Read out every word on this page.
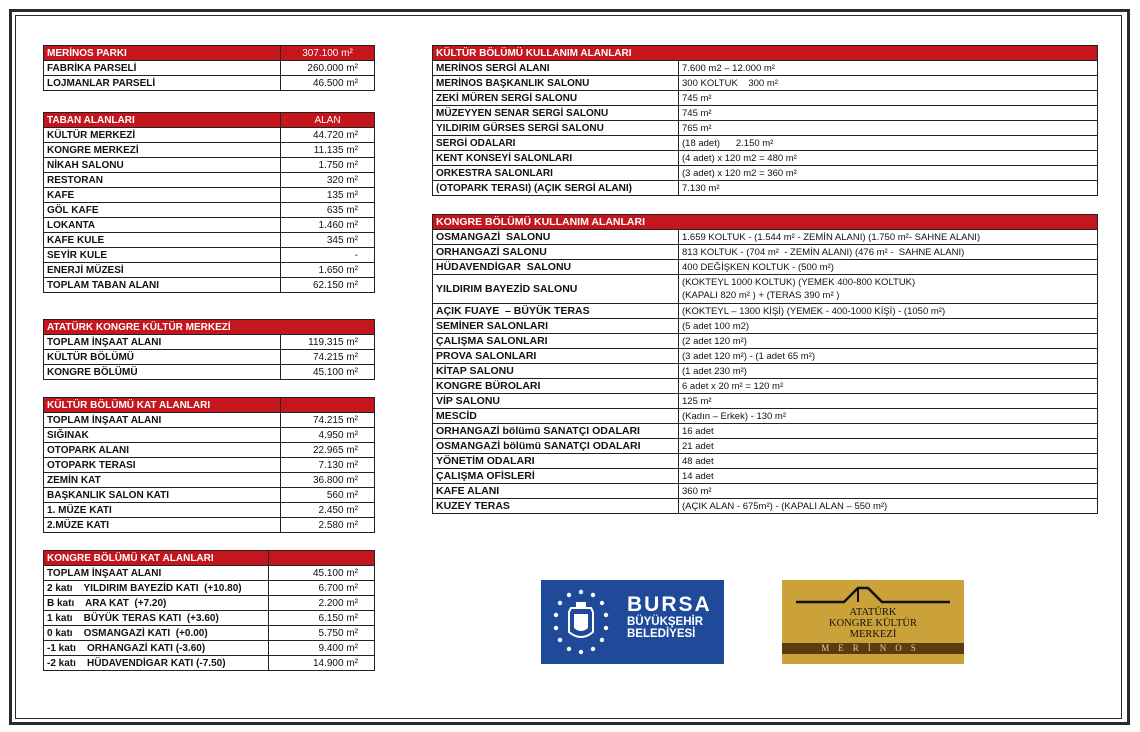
MERİNOS PARKI	307.100 m²
FABRİKA PARSELİ	260.000 m²
LOJMANLAR PARSELİ	46.500 m²
TABAN ALANLARI	ALAN
KÜLTÜR MERKEZİ	44.720 m²
KONGRE MERKEZİ	11.135 m²
NİKAH SALONU	1.750 m²
RESTORAN	320 m²
KAFE	135 m²
GÖL KAFE	635 m²
LOKANTA	1.460 m²
KAFE KULE	345 m²
SEYİR KULE	-
ENERJİ MÜZESİ	1.650 m²
TOPLAM TABAN ALANI	62.150 m²
ATATÜRK KONGRE KÜLTÜR MERKEZİ	
TOPLAM İNŞAAT ALANI	119.315 m²
KÜLTÜR BÖLÜMÜ	74.215 m²
KONGRE BÖLÜMÜ	45.100 m²
KÜLTÜR BÖLÜMÜ KAT ALANLARI	
TOPLAM İNŞAAT ALANI	74.215 m²
SIĞINAK	4.950 m²
OTOPARK ALANI	22.965 m²
OTOPARK TERASI	7.130 m²
ZEMİN KAT	36.800 m²
BAŞKANLIK SALON KATI	560 m²
1. MÜZE KATI	2.450 m²
2.MÜZE KATI	2.580 m²
KONGRE BÖLÜMÜ KAT ALANLARI	
TOPLAM İNŞAAT ALANI	45.100 m²
2 katı    YILDIRIM BAYEZİD KATI  (+10.80)	6.700 m²
B katı    ARA KAT  (+7.20)	2.200 m²
1 katı    BÜYÜK TERAS KATI  (+3.60)	6.150 m²
0 katı    OSMANGAZİ KATI  (+0.00)	5.750 m²
-1 katı    ORHANGAZİ KATI (-3.60)	9.400 m²
-2 katı    HÜDAVENDİGAR KATI (-7.50)	14.900 m²
KÜLTÜR BÖLÜMÜ KULLANIM ALANLARI	
MERİNOS SERGİ ALANI	7.600 m2 – 12.000 m²
MERİNOS BAŞKANLIK SALONU	300 KOLTUK    300 m²
ZEKİ MÜREN SERGİ SALONU	745 m²
MÜZEYYEN SENAR SERGİ SALONU	745 m²
YILDIRIM GÜRSES SERGİ SALONU	765 m²
SERGİ ODALARI	(18 adet)      2.150 m²
KENT KONSEYİ SALONLARI	(4 adet) x 120 m2 = 480 m²
ORKESTRA SALONLARI	(3 adet) x 120 m2 = 360 m²
(OTOPARK TERASI) (AÇIK SERGİ ALANI)	7.130 m²
KONGRE BÖLÜMÜ KULLANIM ALANLARI	
OSMANGAZİ  SALONU	1.659 KOLTUK - (1.544 m² - ZEMİN ALANI) (1.750 m²- SAHNE ALANI)
ORHANGAZİ SALONU	813 KOLTUK - (704 m²  - ZEMİN ALANI) (476 m² -  SAHNE ALANI)
HÜDAVENDİGAR  SALONU	400 DEĞİŞKEN KOLTUK - (500 m²)
YILDIRIM BAYEZİD SALONU	(KOKTEYL 1000 KOLTUK) (YEMEK 400-800 KOLTUK)
(KAPALI 820 m² ) + (TERAS 390 m² )

AÇIK FUAYE  – BÜYÜK TERAS	(KOKTEYL – 1300 KİŞİ) (YEMEK - 400-1000 KİŞİ) - (1050 m²)
SEMİNER SALONLARI	(5 adet 100 m2)
ÇALIŞMA SALONLARI	(2 adet 120 m²)
PROVA SALONLARI	(3 adet 120 m²) - (1 adet 65 m²)
KİTAP SALONU	(1 adet 230 m²)
KONGRE BÜROLARI	6 adet x 20 m² = 120 m²
VİP SALONU	125 m²
MESCİD	(Kadın – Erkek) - 130 m²
ORHANGAZİ bölümü SANATÇI ODALARI	16 adet
OSMANGAZİ bölümü SANATÇI ODALARI	21 adet
YÖNETİM ODALARI	48 adet
ÇALIŞMA OFİSLERİ	14 adet
KAFE ALANI	360 m²
KUZEY TERAS	(AÇIK ALAN - 675m²) - (KAPALI ALAN – 550 m²)
BURSA
BÜYÜKŞEHİR
BELEDİYESİ
ATATÜRK
KONGRE KÜLTÜR
MERKEZİ
MERİNOS
